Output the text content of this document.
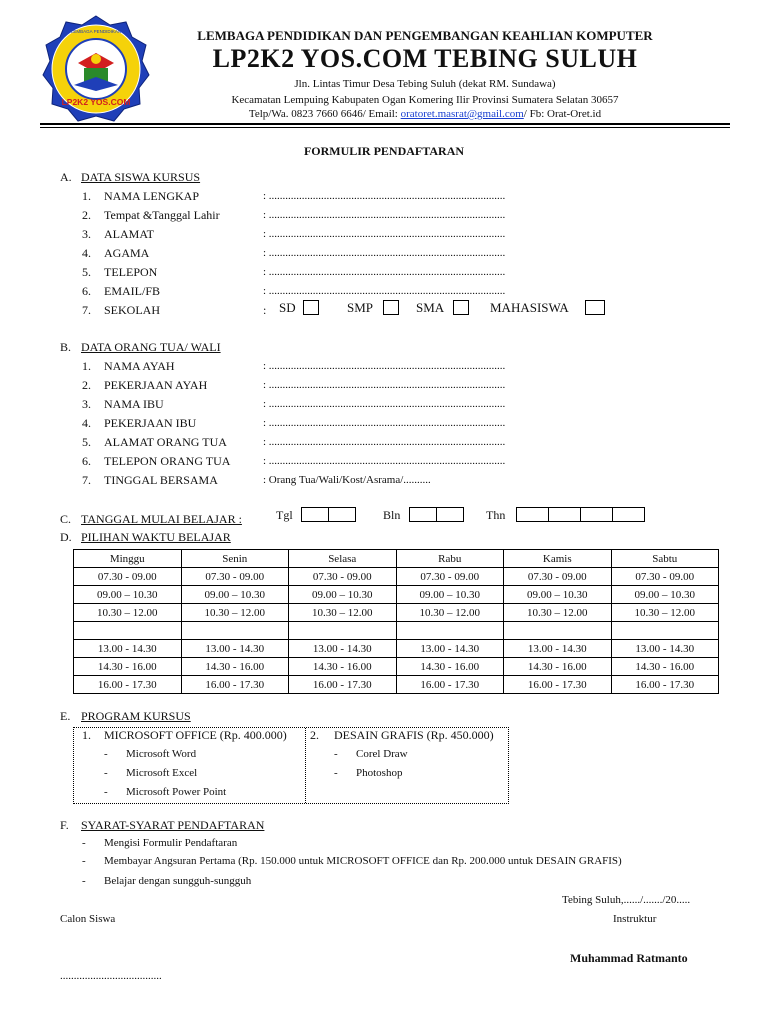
LP2K2 YOS.COM
LEMBAGA PENDIDIKAN	LEMBAGA PENDIDIKAN DAN PENGEMBANGAN KEAHLIAN KOMPUTER
LP2K2 YOS.COM TEBING SULUH
Jln. Lintas Timur Desa Tebing Suluh (dekat RM. Sundawa)
Kecamatan Lempuing Kabupaten Ogan Komering Ilir Provinsi Sumatera Selatan 30657
Telp/Wa. 0823 7660 6646/ Email: oratoret.masrat@gmail.com/ Fb: Orat-Oret.id
FORMULIR PENDAFTARAN
A. DATA SISWA KURSUS
1. NAMA LENGKAP	: ......................................................................................
2. Tempat &Tanggal Lahir	: ......................................................................................
3. ALAMAT	: ......................................................................................
4. AGAMA	: ......................................................................................
5. TELEPON	: ......................................................................................
6. EMAIL/FB	: ......................................................................................
7. SEKOLAH	: SD	SMP	SMA	MAHASISWA
B. DATA ORANG TUA/ WALI
1. NAMA AYAH	: ......................................................................................
2. PEKERJAAN AYAH	: ......................................................................................
3. NAMA IBU	: ......................................................................................
4. PEKERJAAN IBU	: ......................................................................................
5. ALAMAT ORANG TUA	: ......................................................................................
6. TELEPON ORANG TUA	: ......................................................................................
7. TINGGAL BERSAMA	: Orang Tua/Wali/Kost/Asrama/..........
C. TANGGAL MULAI BELAJAR :	Tgl	Bln	Thn
D. PILIHAN WAKTU BELAJAR
Minggu	Senin	Selasa	Rabu	Kamis	Sabtu
07.30 - 09.00	07.30 - 09.00	07.30 - 09.00	07.30 - 09.00	07.30 - 09.00	07.30 - 09.00
09.00 – 10.30	09.00 – 10.30	09.00 – 10.30	09.00 – 10.30	09.00 – 10.30	09.00 – 10.30
10.30 – 12.00	10.30 – 12.00	10.30 – 12.00	10.30 – 12.00	10.30 – 12.00	10.30 – 12.00

13.00 - 14.30	13.00 - 14.30	13.00 - 14.30	13.00 - 14.30	13.00 - 14.30	13.00 - 14.30
14.30 - 16.00	14.30 - 16.00	14.30 - 16.00	14.30 - 16.00	14.30 - 16.00	14.30 - 16.00
16.00 - 17.30	16.00 - 17.30	16.00 - 17.30	16.00 - 17.30	16.00 - 17.30	16.00 - 17.30
E. PROGRAM KURSUS
1. MICROSOFT OFFICE (Rp. 400.000)
- Microsoft Word
- Microsoft Excel
- Microsoft Power Point
2. DESAIN GRAFIS (Rp. 450.000)
- Corel Draw
- Photoshop
F. SYARAT-SYARAT PENDAFTARAN
- Mengisi Formulir Pendaftaran
- Membayar Angsuran Pertama (Rp. 150.000 untuk MICROSOFT OFFICE dan Rp. 200.000 untuk DESAIN GRAFIS)
- Belajar dengan sungguh-sungguh
Tebing Suluh,....../......./20.....
Calon Siswa	Instruktur
Muhammad Ratmanto
.....................................
